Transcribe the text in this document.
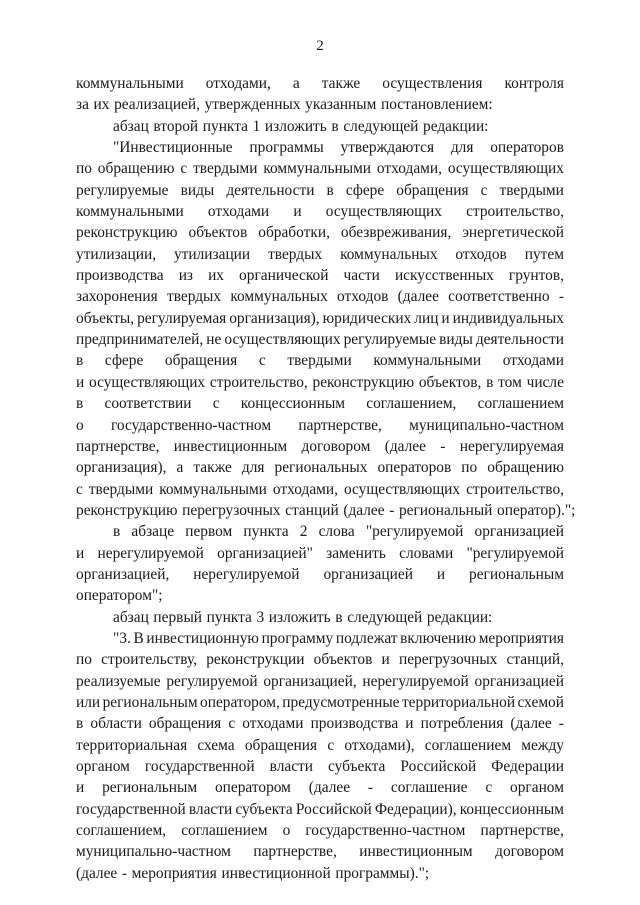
2
коммунальными отходами, а также осуществления контроля
за их реализацией, утвержденных указанным постановлением:
абзац второй пункта 1 изложить в следующей редакции:
"Инвестиционные программы утверждаются для операторов
по обращению с твердыми коммунальными отходами, осуществляющих
регулируемые виды деятельности в сфере обращения с твердыми
коммунальными отходами и осуществляющих строительство,
реконструкцию объектов обработки, обезвреживания, энергетической
утилизации, утилизации твердых коммунальных отходов путем
производства из их органической части искусственных грунтов,
захоронения твердых коммунальных отходов (далее соответственно -
объекты, регулируемая организация), юридических лиц и индивидуальных
предпринимателей, не осуществляющих регулируемые виды деятельности
в сфере обращения с твердыми коммунальными отходами
и осуществляющих строительство, реконструкцию объектов, в том числе
в соответствии с концессионным соглашением, соглашением
о государственно-частном партнерстве, муниципально-частном
партнерстве, инвестиционным договором (далее - нерегулируемая
организация), а также для региональных операторов по обращению
с твердыми коммунальными отходами, осуществляющих строительство,
реконструкцию перегрузочных станций (далее - региональный оператор).";
в абзаце первом пункта 2 слова "регулируемой организацией
и нерегулируемой организацией" заменить словами "регулируемой
организацией, нерегулируемой организацией и региональным
оператором";
абзац первый пункта 3 изложить в следующей редакции:
"3. В инвестиционную программу подлежат включению мероприятия
по строительству, реконструкции объектов и перегрузочных станций,
реализуемые регулируемой организацией, нерегулируемой организацией
или региональным оператором, предусмотренные территориальной схемой
в области обращения с отходами производства и потребления (далее -
территориальная схема обращения с отходами), соглашением между
органом государственной власти субъекта Российской Федерации
и региональным оператором (далее - соглашение с органом
государственной власти субъекта Российской Федерации), концессионным
соглашением, соглашением о государственно-частном партнерстве,
муниципально-частном партнерстве, инвестиционным договором
(далее - мероприятия инвестиционной программы).";
